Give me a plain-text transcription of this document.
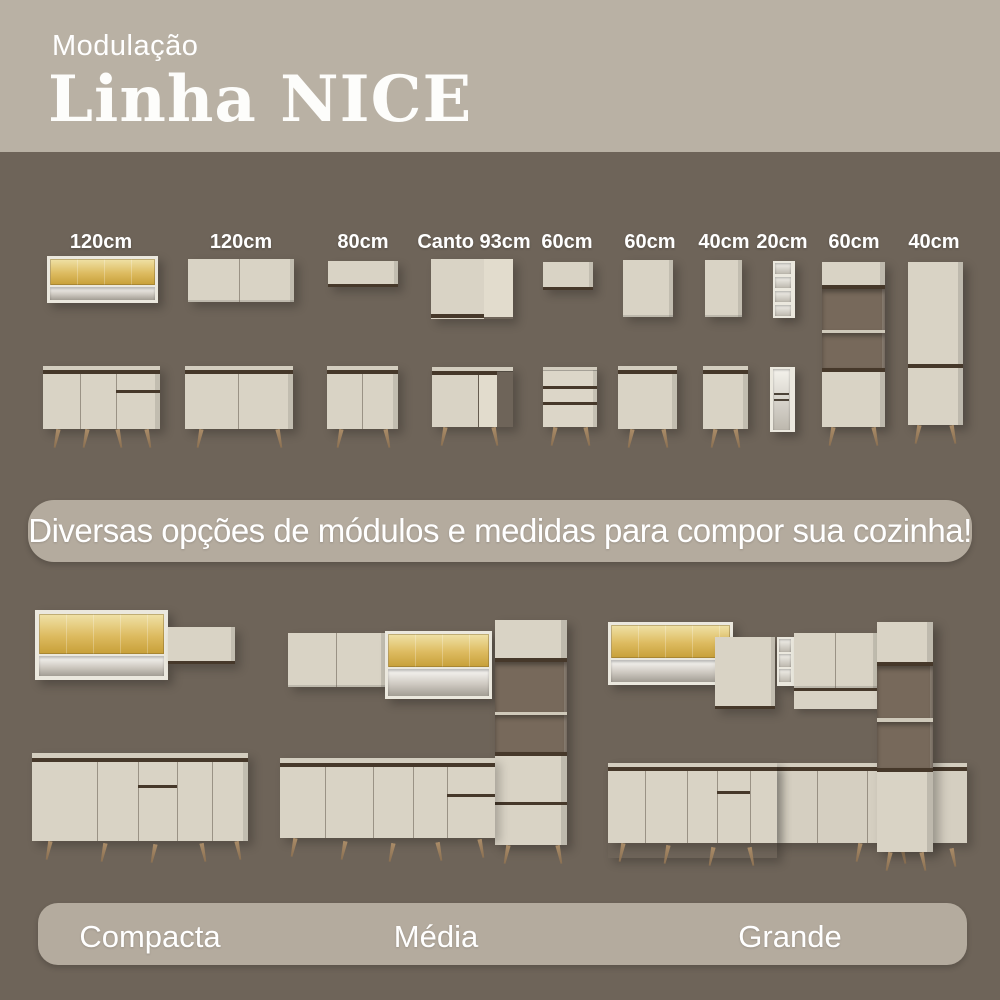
Modulação
Linha NICE
120cm	120cm	80cm Canto 93cm 60cm 60cm 40cm 20cm 60cm 40cm
Diversas opções de módulos e medidas para compor sua cozinha!
Compacta	Média	Grande
